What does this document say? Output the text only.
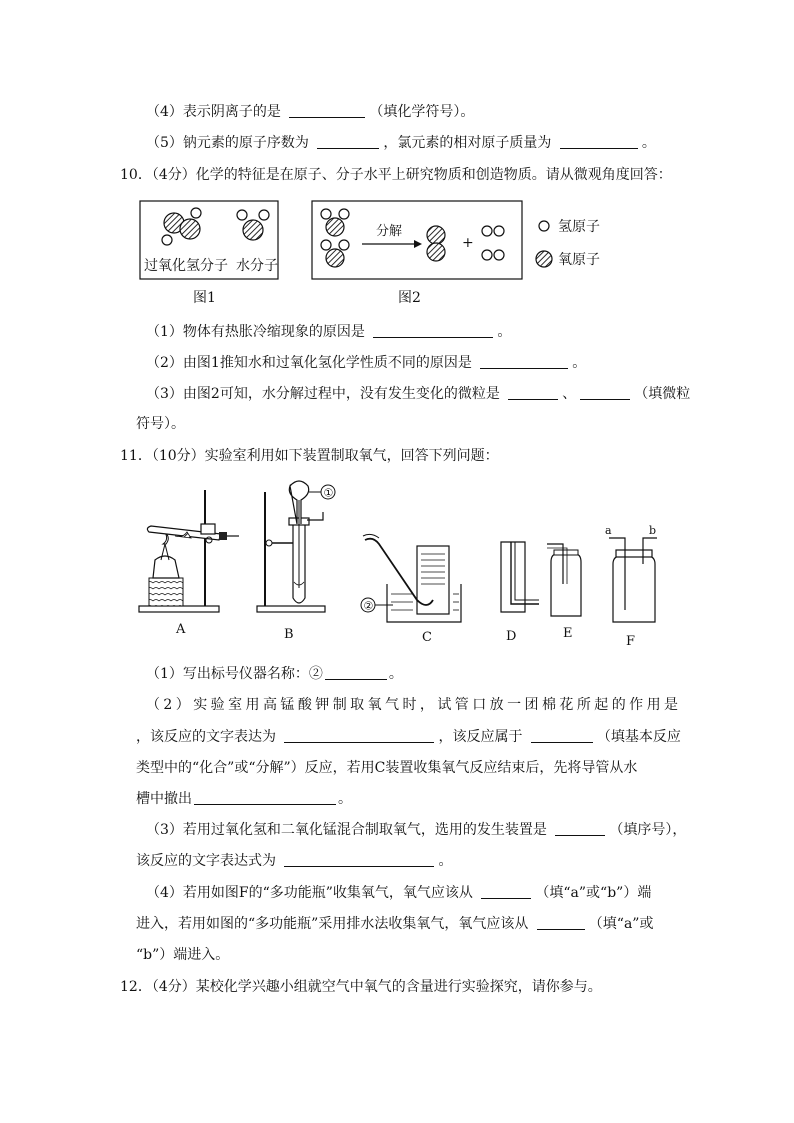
（4）表示阴离子的是	（填化学符号）。
（5）钠元素的原子序数为	，氯元素的相对原子质量为	。
10．（4分）化学的特征是在原子、分子水平上研究物质和创造物质。请从微观角度回答：
过氧化氢分子 水分子
图1
分解
+
图2
氢原子
氧原子
（1）物体有热胀冷缩现象的原因是	。
（2）由图1推知水和过氧化氢化学性质不同的原因是	。
（3）由图2可知，水分解过程中，没有发生变化的微粒是	、	（填微粒
符号）。
11．（10分）实验室利用如下装置制取氧气，回答下列问题：
①
②
a	b
A	B	C	D	E
F
（1）写出标号仪器名称：②	。
（2）实验室用高锰酸钾制取氧气时，试管口放一团棉花所起的作用是
，该反应的文字表达为	，该反应属于	（填基本反应
类型中的“化合”或“分解”）反应，若用C装置收集氧气反应结束后，先将导管从水
槽中撤出	。
（3）若用过氧化氢和二氧化锰混合制取氧气，选用的发生装置是	（填序号），
该反应的文字表达式为	。
（4）若用如图F的“多功能瓶”收集氧气，氧气应该从	（填“a”或“b”）端
进入，若用如图的“多功能瓶”采用排水法收集氧气，氧气应该从	（填“a”或
“b”）端进入。
12．（4分）某校化学兴趣小组就空气中氧气的含量进行实验探究，请你参与。
